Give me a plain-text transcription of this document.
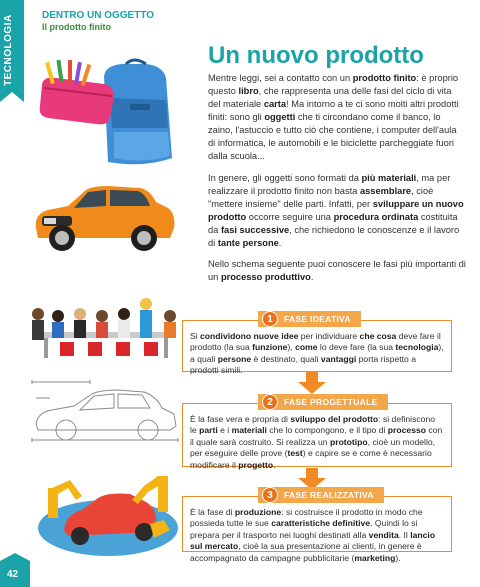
TECNOLOGIA	DENTRO UN OGGETTO
Il prodotto finito
Un nuovo prodotto

Mentre leggi, sei a contatto con un prodotto finito: è proprio questo libro, che rappresenta una delle fasi del ciclo di vita del materiale carta! Ma intorno a te ci sono molti altri prodotti finiti: sono gli oggetti che ti circondano come il banco, lo zaino, l'astuccio e tutto ciò che contiene, i computer dell'aula di informatica, le automobili e le biciclette parcheggiate fuori dalla scuola...

In genere, gli oggetti sono formati da più materiali, ma per realizzare il prodotto finito non basta assemblare, cioè "mettere insieme" delle parti. Infatti, per sviluppare un nuovo prodotto occorre seguire una procedura ordinata costituita da fasi successive, che richiedono le conoscenze e il lavoro di tante persone.

Nello schema seguente puoi conoscere le fasi più importanti di un processo produttivo.

Si condividono nuove idee per individuare che cosa deve fare il prodotto (la sua funzione), come lo deve fare (la sua tecnologia), a quali persone è destinato, quali vantaggi porta rispetto a prodotti simili.
FASE IDEATIVA
1
È la fase vera e propria di sviluppo del prodotto: si definiscono le parti e i materiali che lo compongono, e il tipo di processo con il quale sarà costruito. Si realizza un prototipo, cioè un modello, per eseguire delle prove (test) e capire se e come è necessario modificare il progetto.
FASE PROGETTUALE
2
È la fase di produzione: si costruisce il prodotto in modo che possieda tutte le sue caratteristiche definitive. Quindi lo si prepara per il trasporto nei luoghi destinati alla vendita. Il lancio sul mercato, cioè la sua presentazione ai clienti, in genere è accompagnato da campagne pubblicitarie (marketing).
FASE REALIZZATIVA
3
42
